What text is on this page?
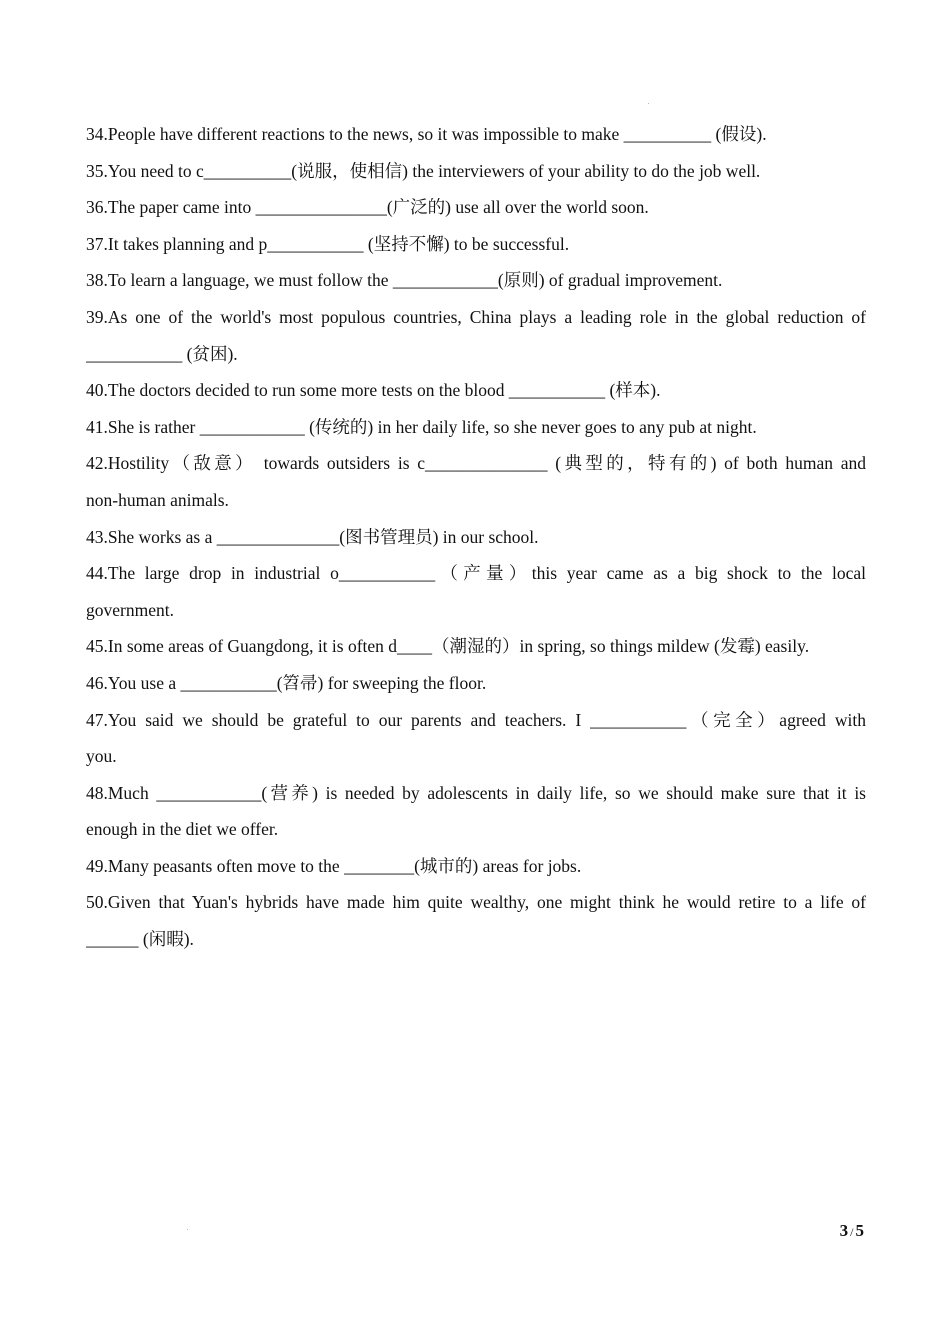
34.People have different reactions to the news, so it was impossible to make __________ (假设).
35.You need to c__________(说服，使相信) the interviewers of your ability to do the job well.
36.The paper came into _______________(广泛的) use all over the world soon.
37.It takes planning and p___________ (坚持不懈) to be successful.
38.To learn a language, we must follow the ____________(原则) of gradual improvement.
39.As one of the world's most populous countries, China plays a leading role in the global reduction of
___________ (贫困).
40.The doctors decided to run some more tests on the blood ___________ (样本).
41.She is rather ____________ (传统的) in her daily life, so she never goes to any pub at night.
42.Hostility（敌意） towards outsiders is c______________ (典型的，特有的) of both human and
non-human animals.
43.She works as a ______________(图书管理员) in our school.
44.The large drop in industrial o___________（产量）this year came as a big shock to the local
government.
45.In some areas of Guangdong, it is often d____（潮湿的）in spring, so things mildew (发霉) easily.
46.You use a ___________(笤帚) for sweeping the floor.
47.You said we should be grateful to our parents and teachers. I ___________（完全）agreed with
you.
48.Much ____________(营养) is needed by adolescents in daily life, so we should make sure that it is
enough in the diet we offer.
49.Many peasants often move to the ________(城市的) areas for jobs.
50.Given that Yuan's hybrids have made him quite wealthy, one might think he would retire to a life of
______ (闲暇).
3 / 5
